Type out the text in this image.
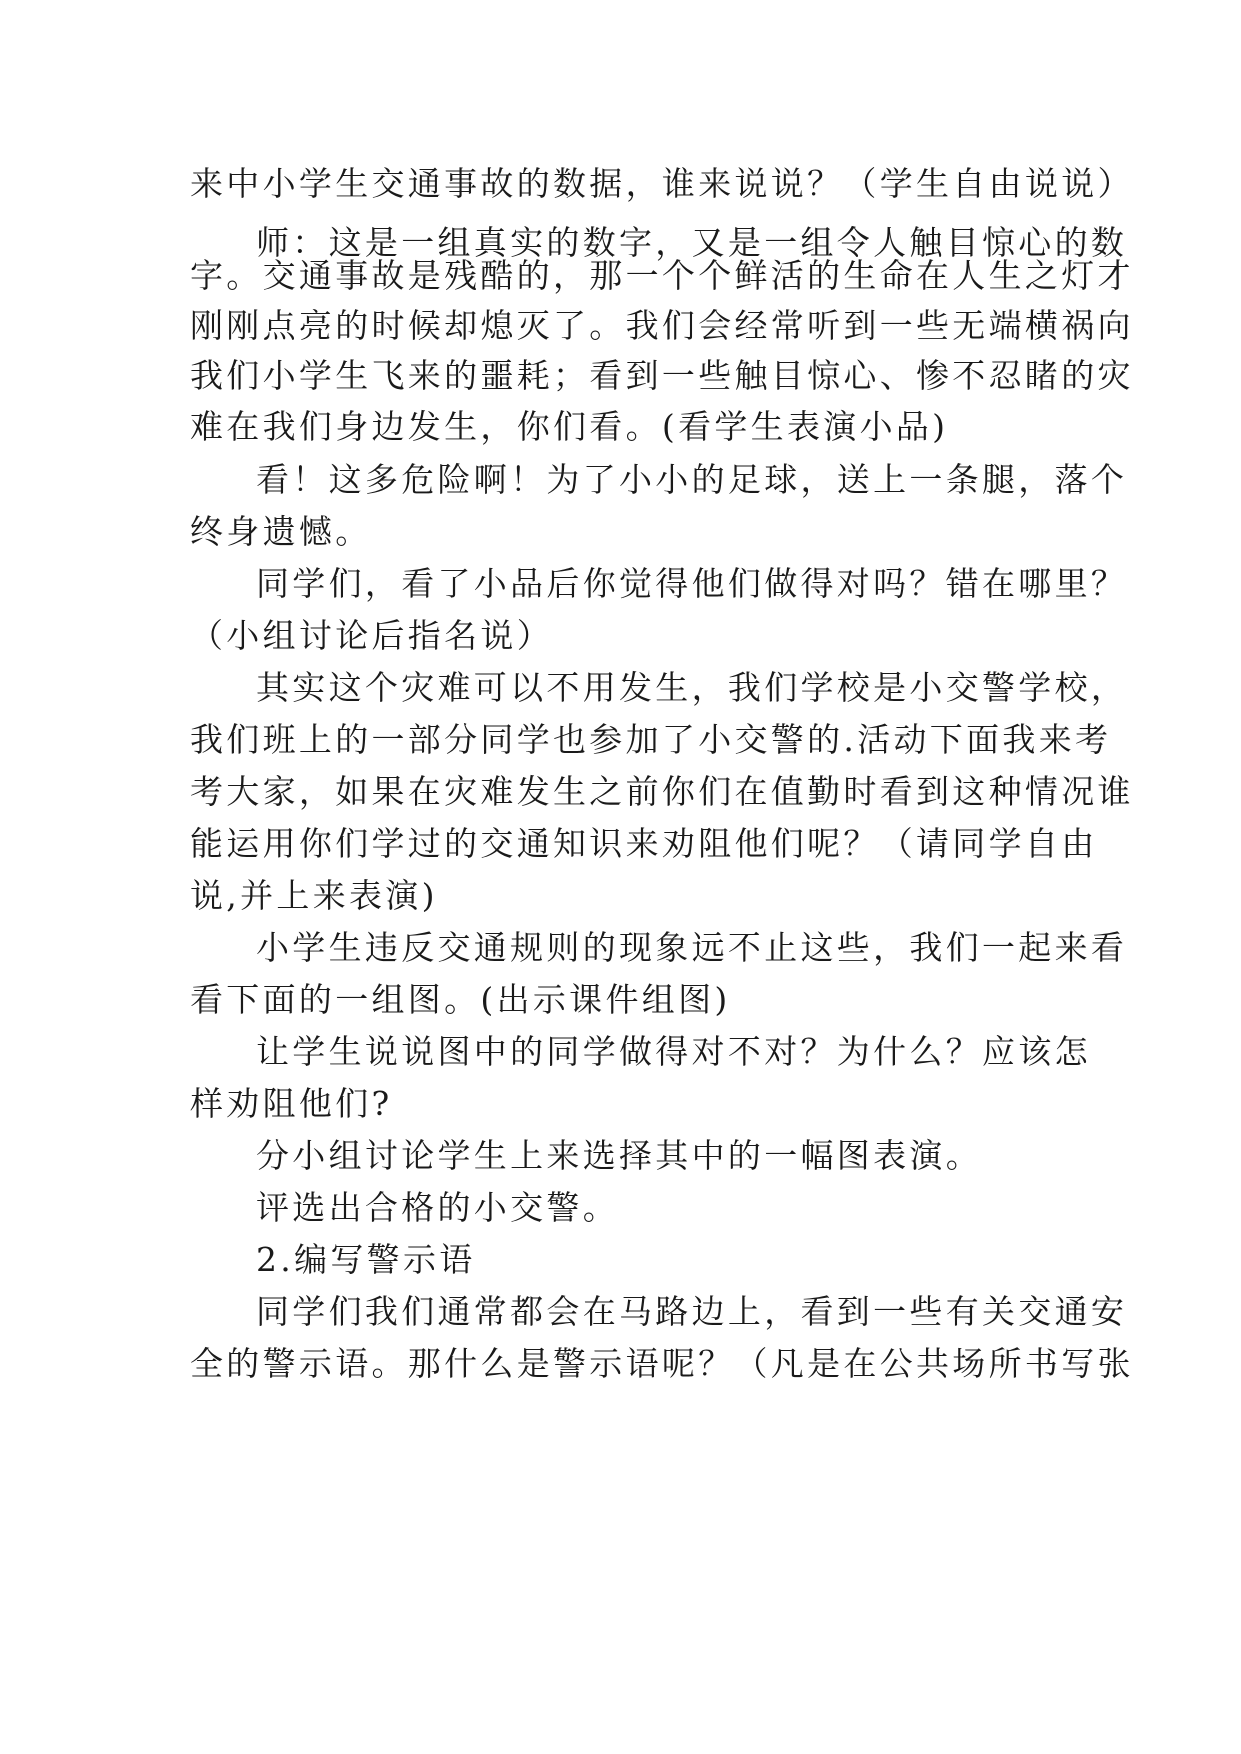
来中小学生交通事故的数据，谁来说说？（学生自由说说）
师：这是一组真实的数字，又是一组令人触目惊心的数
字。交通事故是残酷的，那一个个鲜活的生命在人生之灯才
刚刚点亮的时候却熄灭了。我们会经常听到一些无端横祸向
我们小学生飞来的噩耗；看到一些触目惊心、惨不忍睹的灾
难在我们身边发生，你们看。(看学生表演小品)
看！这多危险啊！为了小小的足球，送上一条腿，落个
终身遗憾。
同学们，看了小品后你觉得他们做得对吗？错在哪里？
（小组讨论后指名说）
其实这个灾难可以不用发生，我们学校是小交警学校，
我们班上的一部分同学也参加了小交警的.活动下面我来考
考大家，如果在灾难发生之前你们在值勤时看到这种情况谁
能运用你们学过的交通知识来劝阻他们呢？（请同学自由
说,并上来表演)
小学生违反交通规则的现象远不止这些，我们一起来看
看下面的一组图。(出示课件组图)
让学生说说图中的同学做得对不对？为什么？应该怎
样劝阻他们?
分小组讨论学生上来选择其中的一幅图表演。
评选出合格的小交警。
2.编写警示语
同学们我们通常都会在马路边上，看到一些有关交通安
全的警示语。那什么是警示语呢？（凡是在公共场所书写张
